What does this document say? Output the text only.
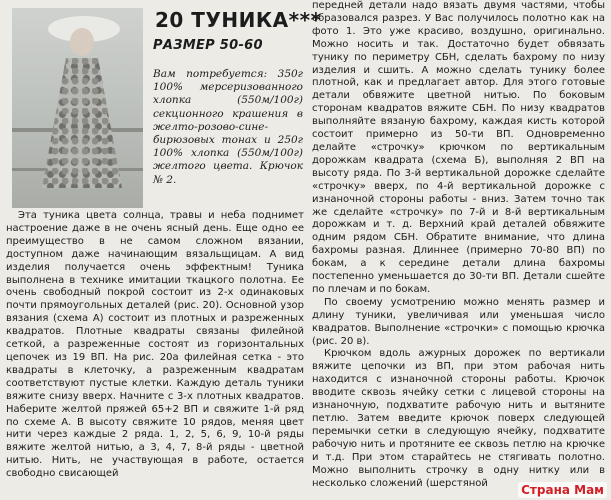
20 ТУНИКА***
РАЗМЕР 50-60
Вам потребуется: 350г 100% мерсеризованного хлопка (550м/100г) секционного крашения в желто-розово-сине-бирюзовых тонах и 250г 100% хлопка (550м/100г) желтого цвета. Крючок № 2.

Эта туника цвета солнца, травы и неба поднимет настроение даже в не очень ясный день. Еще одно ее преимущество в не самом сложном вязании, доступном даже начинающим вязальщицам. А вид изделия получается очень эффектным! Туника выполнена в технике имитации ткацкого полотна. Ее очень свободный покрой состоит из 2-х одинаковых почти прямоугольных деталей (рис. 20). Основной узор вязания (схема А) состоит из плотных и разреженных квадратов. Плотные квадраты связаны филейной сеткой, а разреженные состоят из горизонтальных цепочек из 19 ВП. На рис. 20а филейная сетка - это квадраты в клеточку, а разреженным квадратам соответствуют пустые клетки. Каждую деталь туники вяжите снизу вверх. Начните с 3-х плотных квадратов. Наберите желтой пряжей 65+2 ВП и свяжите 1-й ряд по схеме А. В высоту свяжите 10 рядов, меняя цвет нити через каждые 2 ряда. 1, 2, 5, 6, 9, 10-й ряды вяжите желтой нитью, а 3, 4, 7, 8-й ряды - цветной нитью. Нить, не участвующая в работе, остается свободно свисающей

передней детали надо вязать двумя частями, чтобы образовался разрез. У Вас получилось полотно как на фото 1. Это уже красиво, воздушно, оригинально. Можно носить и так. Достаточно будет обвязать тунику по периметру СБН, сделать бахрому по низу изделия и сшить. А можно сделать тунику более плотной, как и предлагает автор. Для этого готовые детали обвяжите цветной нитью. По боковым сторонам квадратов вяжите СБН. По низу квадратов выполняйте вязаную бахрому, каждая кисть которой состоит примерно из 50-ти ВП. Одновременно делайте «строчку» крючком по вертикальным дорожкам квадрата (схема Б), выполняя 2 ВП на высоту ряда. По 3-й вертикальной дорожке сделайте «строчку» вверх, по 4-й вертикальной дорожке с изнаночной стороны работы - вниз. Затем точно так же сделайте «строчку» по 7-й и 8-й вертикальным дорожкам и т. д. Верхний край деталей обвяжите одним рядом СБН. Обратите внимание, что длина бахромы разная. Длиннее (примерно 70-80 ВП) по бокам, а к середине детали длина бахромы постепенно уменьшается до 30-ти ВП. Детали сшейте по плечам и по бокам.

По своему усмотрению можно менять размер и длину туники, увеличивая или уменьшая число квадратов. Выполнение «строчки» с помощью крючка (рис. 20 в).

Крючком вдоль ажурных дорожек по вертикали вяжите цепочки из ВП, при этом рабочая нить находится с изнаночной стороны работы. Крючок вводите сквозь ячейку сетки с лицевой стороны на изнаночную, подхватите рабочую нить и вытяните петлю. Затем введите крючок поверх следующей перемычки сетки в следующую ячейку, подхватите рабочую нить и протяните ее сквозь петлю на крючке и т.д. При этом старайтесь не стягивать полотно. Можно выполнить строчку в одну нитку или в несколько сложений (шерстяной	Страна Мам
